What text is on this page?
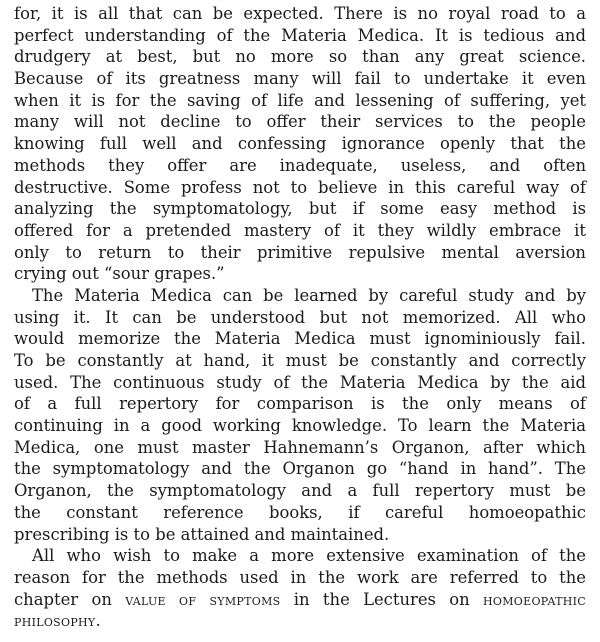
for, it is all that can be expected. There is no royal road to a
perfect understanding of the Materia Medica. It is tedious and
drudgery at best, but no more so than any great science.
Because of its greatness many will fail to undertake it even
when it is for the saving of life and lessening of suffering, yet
many will not decline to offer their services to the people
knowing full well and confessing ignorance openly that the
methods they offer are inadequate, useless, and often
destructive. Some profess not to believe in this careful way of
analyzing the symptomatology, but if some easy method is
offered for a pretended mastery of it they wildly embrace it
only to return to their primitive repulsive mental aversion
crying out “sour grapes.”

The Materia Medica can be learned by careful study and by
using it. It can be understood but not memorized. All who
would memorize the Materia Medica must ignominiously fail.
To be constantly at hand, it must be constantly and correctly
used. The continuous study of the Materia Medica by the aid
of a full repertory for comparison is the only means of
continuing in a good working knowledge. To learn the Materia
Medica, one must master Hahnemann’s Organon, after which
the symptomatology and the Organon go “hand in hand”. The
Organon, the symptomatology and a full repertory must be
the constant reference books, if careful homoeopathic
prescribing is to be attained and maintained.

All who wish to make a more extensive examination of the
reason for the methods used in the work are referred to the
chapter on value of symptoms in the Lectures on homoeopathic
philosophy.
